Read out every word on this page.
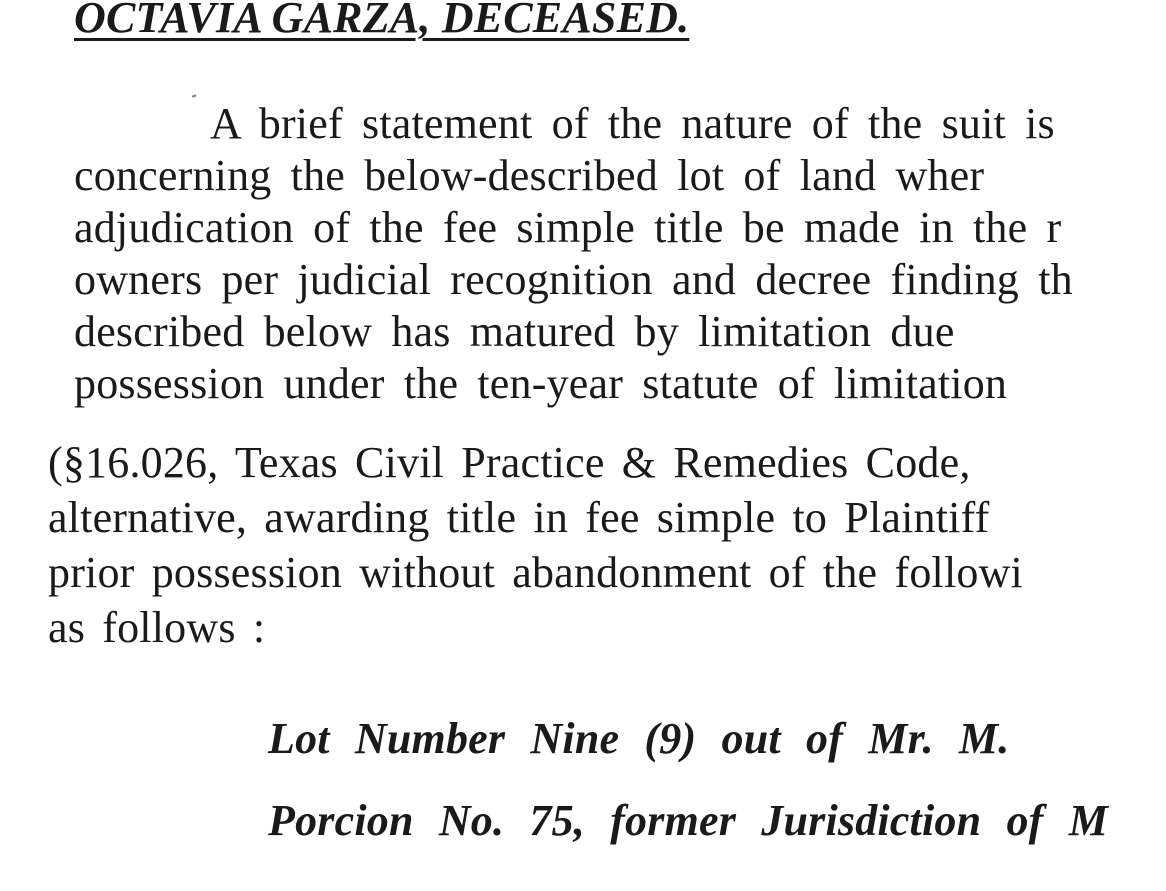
OCTAVIA GARZA, DECEASED.
A brief statement of the nature of the suit is
concerning the below-described lot of land wher
adjudication of the fee simple title be made in the r
owners per judicial recognition and decree finding th
described below has matured by limitation due
possession under the ten-year statute of limitation
(§16.026, Texas Civil Practice & Remedies Code,
alternative, awarding title in fee simple to Plaintiff
prior possession without abandonment of the followi
as follows :
Lot Number Nine (9) out of Mr. M.
Porcion No. 75, former Jurisdiction of M
